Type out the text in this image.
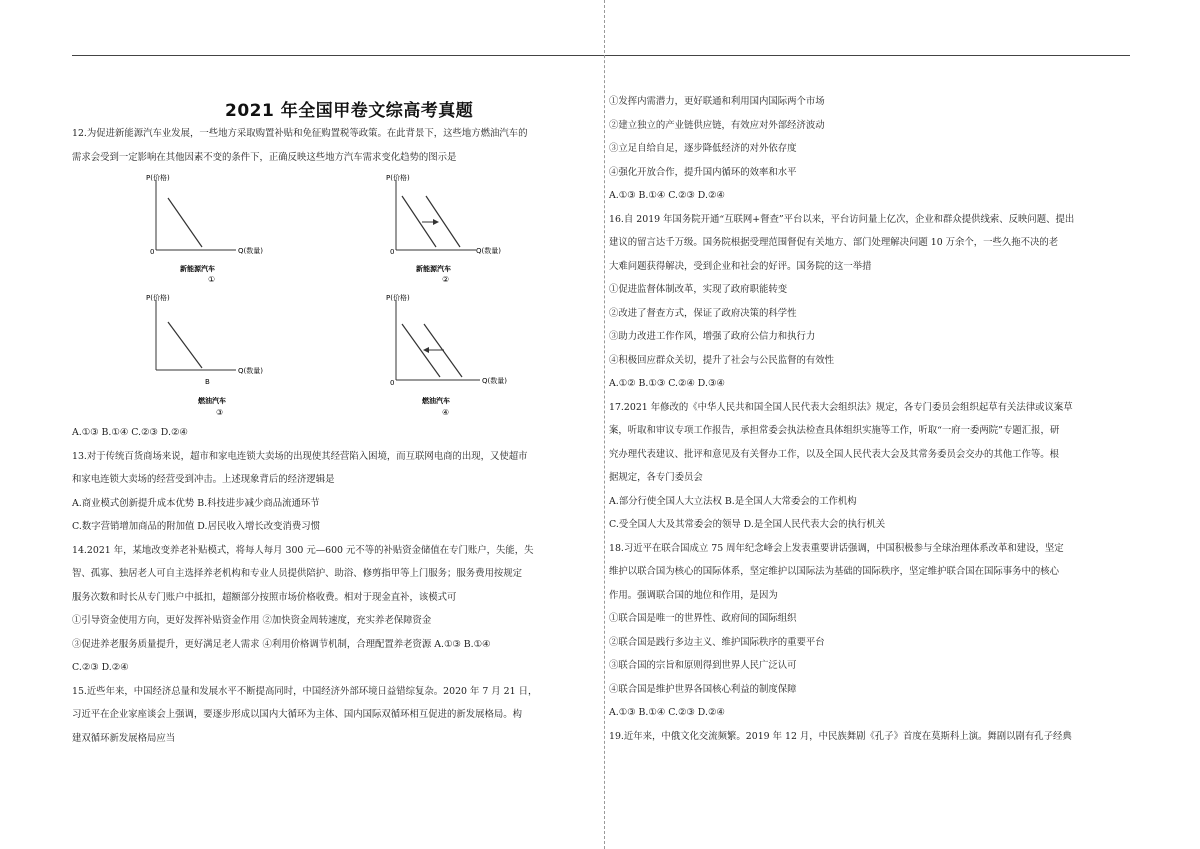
2021 年全国甲卷文综高考真题

12.为促进新能源汽车业发展，一些地方采取购置补贴和免征购置税等政策。在此背景下，这些地方燃油汽车的

需求会受到一定影响在其他因素不变的条件下，正确反映这些地方汽车需求变化趋势的图示是

P(价格)
Q(数量)
0
新能源汽车
①
P(价格)
Q(数量)
0
新能源汽车
②
P(价格)
Q(数量)
B
燃油汽车
③
P(价格)
Q(数量)
0
燃油汽车
④

A.①③ B.①④ C.②③ D.②④

13.对于传统百货商场来说，超市和家电连锁大卖场的出现使其经营陷入困境，而互联网电商的出现，又使超市

和家电连锁大卖场的经营受到冲击。上述现象背后的经济逻辑是

A.商业模式创新提升成本优势 B.科技进步减少商品流通环节

C.数字营销增加商品的附加值 D.居民收入增长改变消费习惯

14.2021 年，某地改变养老补贴模式，将每人每月 300 元—600 元不等的补贴资金储值在专门账户，失能，失

智、孤寡、独居老人可自主选择养老机构和专业人员提供陪护、助浴、修剪指甲等上门服务；服务费用按规定

服务次数和时长从专门账户中抵扣，超额部分按照市场价格收费。相对于现金直补，该模式可

①引导资金使用方向，更好发挥补贴资金作用 ②加快资金周转速度，充实养老保障资金

③促进养老服务质量提升，更好满足老人需求 ④利用价格调节机制，合理配置养老资源 A.①③ B.①④

C.②③ D.②④

15.近些年来，中国经济总量和发展水平不断提高同时，中国经济外部环境日益错综复杂。2020 年 7 月 21 日，

习近平在企业家座谈会上强调，要逐步形成以国内大循环为主体、国内国际双循环相互促进的新发展格局。构

建双循环新发展格局应当

①发挥内需潜力，更好联通和利用国内国际两个市场

②建立独立的产业链供应链，有效应对外部经济波动

③立足自给自足，逐步降低经济的对外依存度

④强化开放合作，提升国内循环的效率和水平

A.①③ B.①④ C.②③ D.②④

16.自 2019 年国务院开通“互联网+督查”平台以来，平台访问量上亿次，企业和群众提供线索、反映问题、提出

建议的留言达千万级。国务院根据受理范围督促有关地方、部门处理解决问题 10 万余个，一些久拖不决的老

大难问题获得解决，受到企业和社会的好评。国务院的这一举措

①促进监督体制改革，实现了政府职能转变

②改进了督查方式，保证了政府决策的科学性

③助力改进工作作风，增强了政府公信力和执行力

④积极回应群众关切，提升了社会与公民监督的有效性

A.①② B.①③ C.②④ D.③④

17.2021 年修改的《中华人民共和国全国人民代表大会组织法》规定，各专门委员会组织起草有关法律或议案草

案，听取和审议专项工作报告，承担常委会执法检查具体组织实施等工作，听取“一府一委两院”专题汇报，研

究办理代表建议、批评和意见及有关督办工作，以及全国人民代表大会及其常务委员会交办的其他工作等。根

据规定，各专门委员会

A.部分行使全国人大立法权 B.是全国人大常委会的工作机构

C.受全国人大及其常委会的领导 D.是全国人民代表大会的执行机关

18.习近平在联合国成立 75 周年纪念峰会上发表重要讲话强调，中国积极参与全球治理体系改革和建设，坚定

维护以联合国为核心的国际体系，坚定维护以国际法为基础的国际秩序，坚定维护联合国在国际事务中的核心

作用。强调联合国的地位和作用，是因为

①联合国是唯一的世界性、政府间的国际组织

②联合国是践行多边主义、维护国际秩序的重要平台

③联合国的宗旨和原则得到世界人民广泛认可

④联合国是维护世界各国核心利益的制度保障

A.①③ B.①④ C.②③ D.②④

19.近年来，中俄文化交流频繁。2019 年 12 月，中民族舞剧《孔子》首度在莫斯科上演。舞剧以剧有孔子经典
